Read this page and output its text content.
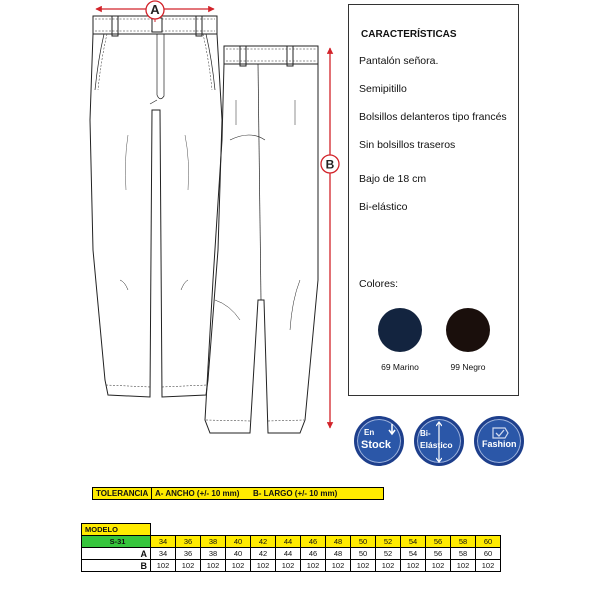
A
B
CARACTERÍSTICAS
Pantalón señora.
Semipitillo
Bolsillos delanteros tipo francés
Sin bolsillos traseros
Bajo de 18 cm
Bi-elástico
Colores:
69 Marino	99 Negro
En
Stock
Bi-
Elástico	Fashion
TOLERANCIA A- ANCHO (+/- 10 mm)	B- LARGO (+/- 10 mm)
MODELO														
S-31	34	36	38	40	42	44	46	48	50	52	54	56	58	60
A	34	36	38	40	42	44	46	48	50	52	54	56	58	60
B	102	102	102	102	102	102	102	102	102	102	102	102	102	102
